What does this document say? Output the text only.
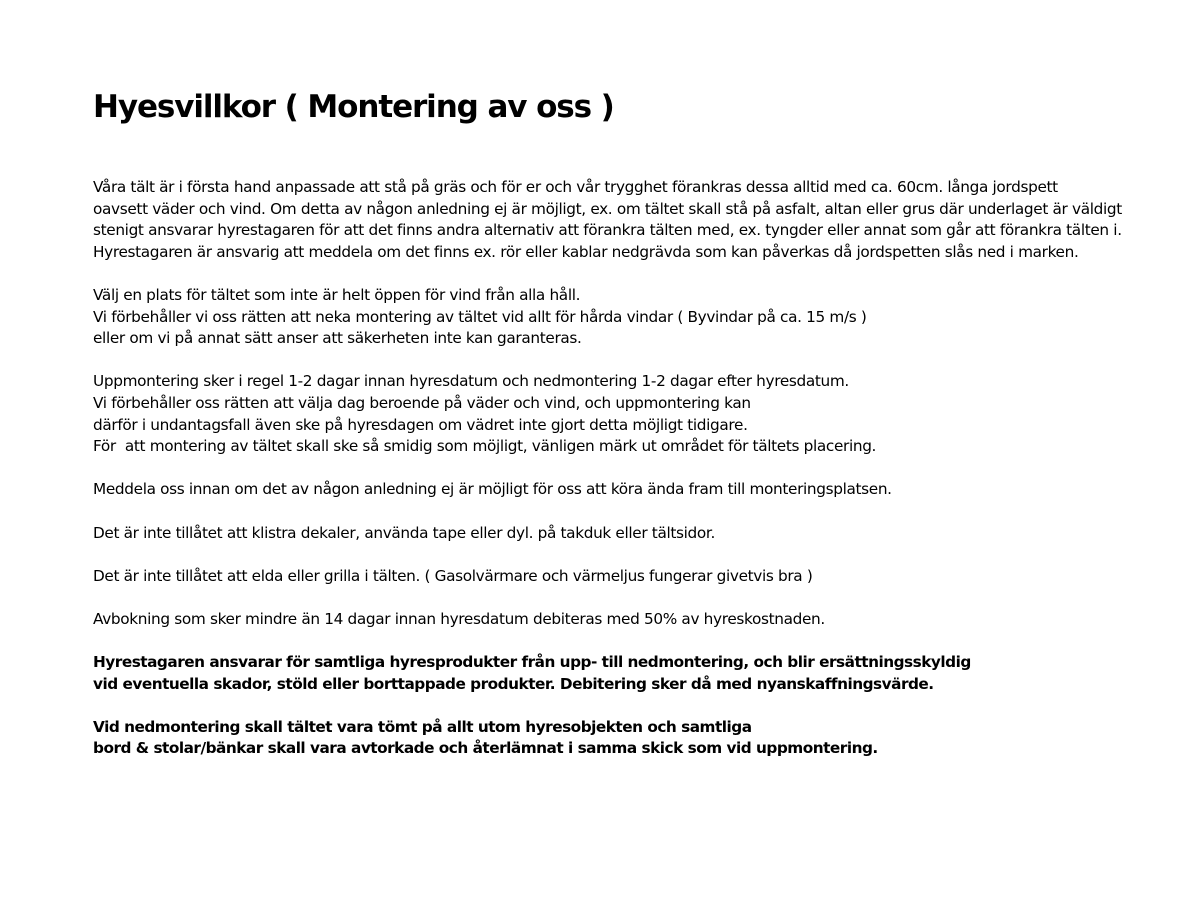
Hyesvillkor ( Montering av oss )
Våra tält är i första hand anpassade att stå på gräs och för er och vår trygghet förankras dessa alltid med ca. 60cm. långa jordspett
oavsett väder och vind. Om detta av någon anledning ej är möjligt, ex. om tältet skall stå på asfalt, altan eller grus där underlaget är väldigt
stenigt ansvarar hyrestagaren för att det finns andra alternativ att förankra tälten med, ex. tyngder eller annat som går att förankra tälten i.
Hyrestagaren är ansvarig att meddela om det finns ex. rör eller kablar nedgrävda som kan påverkas då jordspetten slås ned i marken.
Välj en plats för tältet som inte är helt öppen för vind från alla håll.
Vi förbehåller vi oss rätten att neka montering av tältet vid allt för hårda vindar ( Byvindar på ca. 15 m/s )
eller om vi på annat sätt anser att säkerheten inte kan garanteras.
Uppmontering sker i regel 1-2 dagar innan hyresdatum och nedmontering 1-2 dagar efter hyresdatum.
Vi förbehåller oss rätten att välja dag beroende på väder och vind, och uppmontering kan
därför i undantagsfall även ske på hyresdagen om vädret inte gjort detta möjligt tidigare.
För  att montering av tältet skall ske så smidig som möjligt, vänligen märk ut området för tältets placering.
Meddela oss innan om det av någon anledning ej är möjligt för oss att köra ända fram till monteringsplatsen.
Det är inte tillåtet att klistra dekaler, använda tape eller dyl. på takduk eller tältsidor.
Det är inte tillåtet att elda eller grilla i tälten. ( Gasolvärmare och värmeljus fungerar givetvis bra )
Avbokning som sker mindre än 14 dagar innan hyresdatum debiteras med 50% av hyreskostnaden.
Hyrestagaren ansvarar för samtliga hyresprodukter från upp- till nedmontering, och blir ersättningsskyldig
vid eventuella skador, stöld eller borttappade produkter. Debitering sker då med nyanskaffningsvärde.
Vid nedmontering skall tältet vara tömt på allt utom hyresobjekten och samtliga
bord & stolar/bänkar skall vara avtorkade och återlämnat i samma skick som vid uppmontering.
